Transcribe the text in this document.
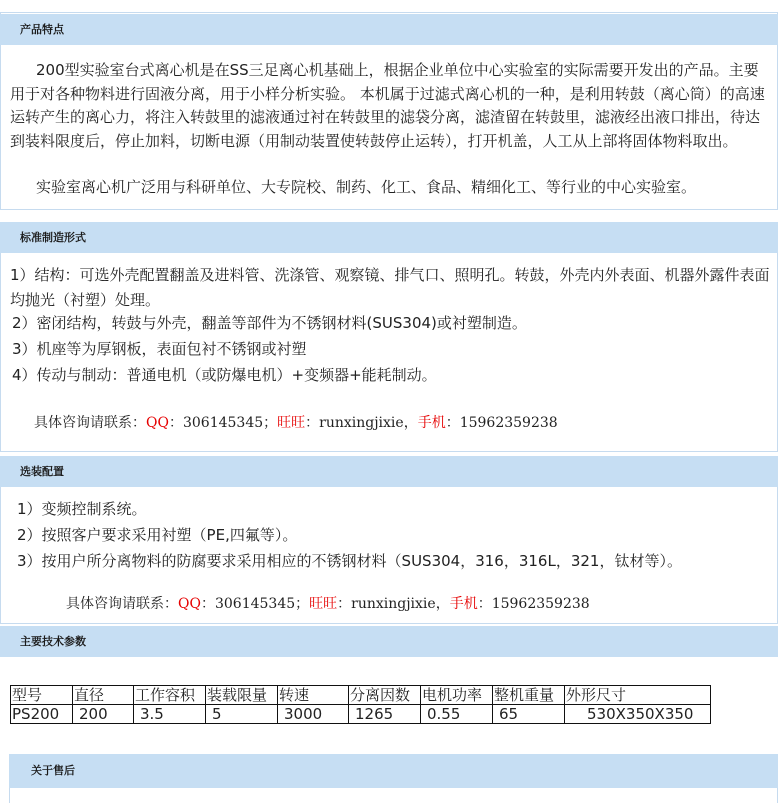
产品特点
200型实验室台式离心机是在SS三足离心机基础上，根据企业单位中心实验室的实际需要开发出的产品。主要用于对各种物料进行固液分离，用于小样分析实验。 本机属于过滤式离心机的一种，是利用转鼓（离心筒）的高速运转产生的离心力，将注入转鼓里的滤液通过衬在转鼓里的滤袋分离，滤渣留在转鼓里，滤液经出液口排出，待达到装料限度后，停止加料，切断电源（用制动装置使转鼓停止运转），打开机盖，人工从上部将固体物料取出。
实验室离心机广泛用与科研单位、大专院校、制药、化工、食品、精细化工、等行业的中心实验室。
标准制造形式
1）结构：可选外壳配置翻盖及进料管、洗涤管、观察镜、排气口、照明孔。转鼓，外壳内外表面、机器外露件表面均抛光（衬塑）处理。
2）密闭结构，转鼓与外壳，翻盖等部件为不锈钢材料(SUS304)或衬塑制造。
3）机座等为厚钢板，表面包衬不锈钢或衬塑
4）传动与制动：普通电机（或防爆电机）+变频器+能耗制动。
具体咨询请联系：QQ：306145345；旺旺：runxingjixie，手机：15962359238
选装配置
1）变频控制系统。
2）按照客户要求采用衬塑（PE,四氟等）。
3）按用户所分离物料的防腐要求采用相应的不锈钢材料（SUS304，316，316L，321，钛材等）。
具体咨询请联系：QQ：306145345；旺旺：runxingjixie，手机：15962359238
主要技术参数
型号	直径	工作容积	装载限量	转速	分离因数	电机功率	整机重量	外形尺寸
PS200	200	3.5	5	3000	1265	0.55	65	530X350X350
关于售后
